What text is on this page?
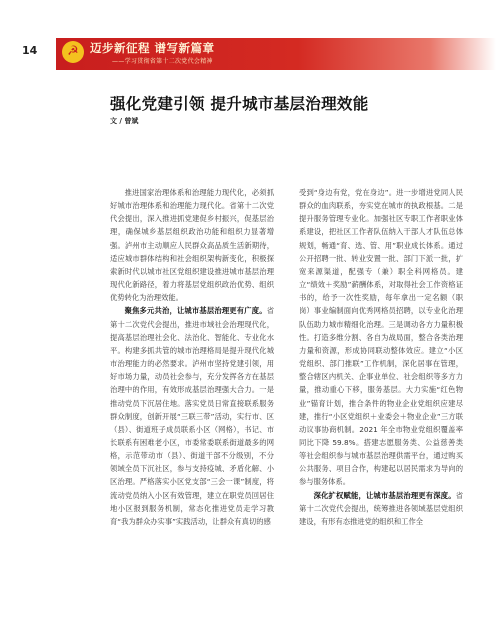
14	☭ 迈步新征程 谱写新篇章
——学习贯彻省第十二次党代会精神
强化党建引领 提升城市基层治理效能
文 / 曾斌

推进国家治理体系和治理能力现代化，必须抓好城市治理体系和治理能力现代化。省第十二次党代会提出，深入推进抓党建促乡村振兴，促基层治理，确保城乡基层组织政治功能和组织力显著增强。泸州市主动顺应人民群众高品质生活新期待，适应城市群体结构和社会组织架构新变化，积极探索新时代以城市社区党组织建设推进城市基层治理现代化新路径，着力将基层党组织政治优势、组织优势转化为治理效能。

聚焦多元共治，让城市基层治理更有广度。省第十二次党代会提出，推进市域社会治理现代化，提高基层治理社会化、法治化、智能化、专业化水平。构建多抓共管的城市治理格局是提升现代化城市治理能力的必然要求。泸州市坚持党建引领，用好市场力量，动员社会参与，充分发挥各方在基层治理中的作用，有效形成基层治理强大合力。一是推动党员下沉居住地。落实党员日常直接联系服务群众制度，创新开展“三联三带”活动，实行市、区（县）、街道班子成员联系小区（网格），书记、市长联系有困难老小区，市委常委联系街道最多的网格，示范带动市（县）、街道干部不分级别，不分领域全员下沉社区，参与支持疫城、矛盾化解、小区治理。严格落实小区党支部“三会一课”制度，将流动党员纳入小区有效管理，建立在职党员回居住地小区报到服务机制，常态化推进党员走学习教育“我为群众办实事”实践活动，让群众有真切的感

受到“身边有党，党在身边”。进一步增进党同人民群众的血肉联系，夯实党在城市的执政根基。二是提升服务管理专业化。加强社区专职工作者职业体系建设，把社区工作者队伍纳入干部人才队伍总体规划，畅通“育、选、管、用”职业成长体系。通过公开招聘一批、转业安置一批、部门下派一批，扩宽来源渠道，配强专（兼）职全科网格员。建立“绩效＋奖励”薪酬体系，对取得社会工作资格证书的，给予一次性奖励，每年拿出一定名额（职岗）事业编制面向优秀网格员招聘，以专业化治理队伍助力城市精细化治理。三是调动各方力量积极性。打造多维分割、各自为战局面，整合各类治理力量和资源，形成协同联动整体效应。建立“小区党组织、部门推联”工作机制，深化居事在管理，整合辖区内机关、企事业单位、社会组织等多方力量，推动重心下移，服务基层。大力实施“红色物业”锚育计划，推合条件的物业企业党组织应建尽建，推行“小区党组织＋业委会＋物业企业”三方联动议事协商机制。2021 年全市物业党组织覆盖率同比下降 59.8%。搭建志愿服务类、公益慈善类等社会组织参与城市基层治理供需平台，通过购买公共服务、项目合作，构建起以居民需求为导向的参与服务体系。

深化扩权赋能，让城市基层治理更有深度。省第十二次党代会提出，统筹推进各领域基层党组织建设，有形有态推进党的组织和工作全
